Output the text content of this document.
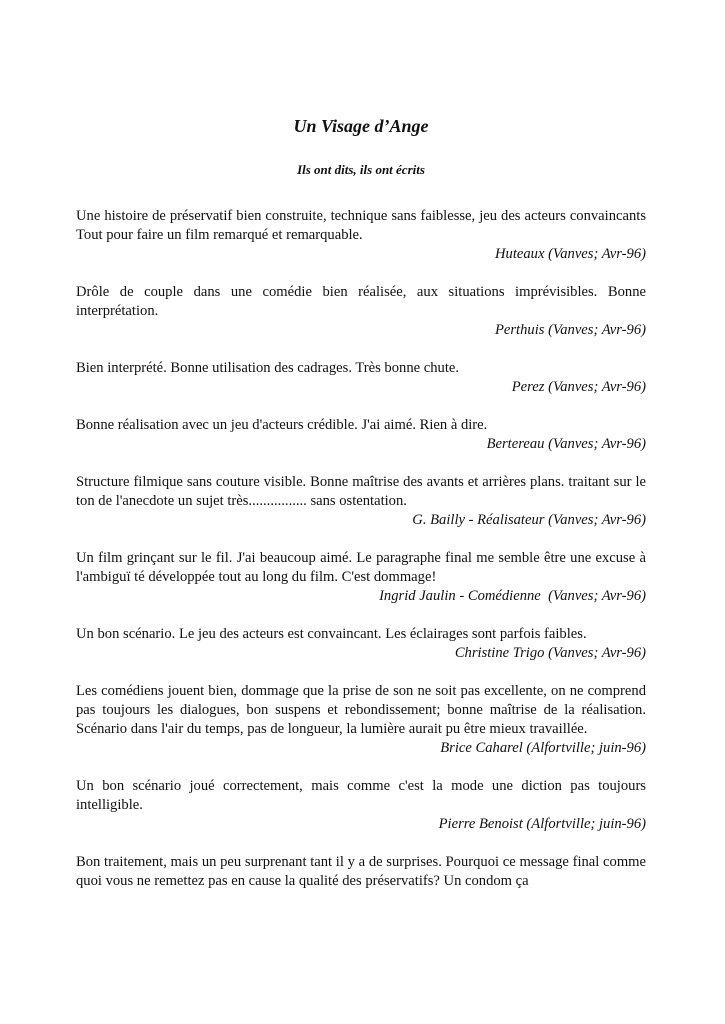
Un Visage d’Ange
Ils ont dits, ils ont écrits

Une histoire de préservatif bien construite, technique sans faiblesse, jeu des acteurs convaincants Tout pour faire un film remarqué et remarquable.

Huteaux (Vanves; Avr-96)

Drôle de couple dans une comédie bien réalisée, aux situations imprévisibles. Bonne interprétation.

Perthuis (Vanves; Avr-96)

Bien interprété. Bonne utilisation des cadrages. Très bonne chute.

Perez (Vanves; Avr-96)

Bonne réalisation avec un jeu d'acteurs crédible. J'ai aimé. Rien à dire.

Bertereau (Vanves; Avr-96)

Structure filmique sans couture visible. Bonne maîtrise des avants et arrières plans. traitant sur le ton de l'anecdote un sujet très................ sans ostentation.

G. Bailly - Réalisateur (Vanves; Avr-96)

Un film grinçant sur le fil. J'ai beaucoup aimé. Le paragraphe final me semble être une excuse à l'ambiguï té développée tout au long du film. C'est dommage!

Ingrid Jaulin - Comédienne  (Vanves; Avr-96)

Un bon scénario. Le jeu des acteurs est convaincant. Les éclairages sont parfois faibles.

Christine Trigo (Vanves; Avr-96)

Les comédiens jouent bien, dommage que la prise de son ne soit pas excellente, on ne comprend pas toujours les dialogues, bon suspens et rebondissement; bonne maîtrise de la réalisation. Scénario dans l'air du temps, pas de longueur, la lumière aurait pu être mieux travaillée.

Brice Caharel (Alfortville; juin-96)

Un bon scénario joué correctement, mais comme c'est la mode une diction pas toujours intelligible.

Pierre Benoist (Alfortville; juin-96)

Bon traitement, mais un peu surprenant tant il y a de surprises. Pourquoi ce message final comme quoi vous ne remettez pas en cause la qualité des préservatifs? Un condom ça
